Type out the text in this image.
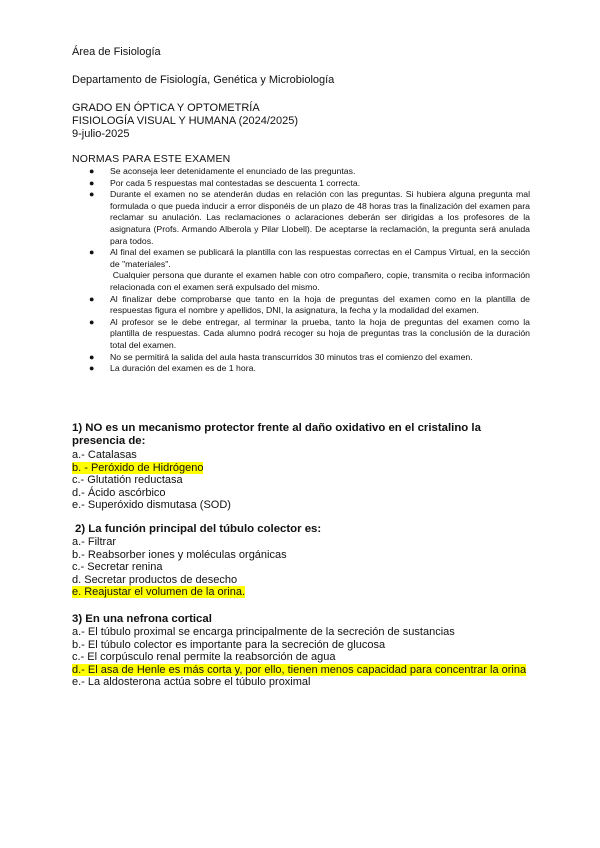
Área de Fisiología
Departamento de Fisiología, Genética y Microbiología
GRADO EN ÓPTICA Y OPTOMETRÍA
FISIOLOGÍA VISUAL Y HUMANA (2024/2025)
9-julio-2025
NORMAS PARA ESTE EXAMEN
● Se aconseja leer detenidamente el enunciado de las preguntas.
● Por cada 5 respuestas mal contestadas se descuenta 1 correcta.
● Durante el examen no se atenderán dudas en relación con las preguntas. Si hubiera alguna pregunta mal formulada o que pueda inducir a error disponéis de un plazo de 48 horas tras la finalización del examen para reclamar su anulación. Las reclamaciones o aclaraciones deberán ser dirigidas a los profesores de la asignatura (Profs. Armando Alberola y Pilar Llobell). De aceptarse la reclamación, la pregunta será anulada para todos.
● Al final del examen se publicará la plantilla con las respuestas correctas en el Campus Virtual, en la sección de "materiales".
Cualquier persona que durante el examen hable con otro compañero, copie, transmita o reciba información relacionada con el examen será expulsado del mismo.
● Al finalizar debe comprobarse que tanto en la hoja de preguntas del examen como en la plantilla de respuestas figura el nombre y apellidos, DNI, la asignatura, la fecha y la modalidad del examen.
● Al profesor se le debe entregar, al terminar la prueba, tanto la hoja de preguntas del examen como la plantilla de respuestas. Cada alumno podrá recoger su hoja de preguntas tras la conclusión de la duración total del examen.
● No se permitirá la salida del aula hasta transcurridos 30 minutos tras el comienzo del examen.
● La duración del examen es de 1 hora.
1) NO es un mecanismo protector frente al daño oxidativo en el cristalino la presencia de:
a.- Catalasas
b. - Peróxido de Hidrógeno
c.- Glutatión reductasa
d.- Ácido ascórbico
e.- Superóxido dismutasa (SOD)
2) La función principal del túbulo colector es:
a.- Filtrar
b.- Reabsorber iones y moléculas orgánicas
c.- Secretar renina
d. Secretar productos de desecho
e. Reajustar el volumen de la orina.
3) En una nefrona cortical
a.- El túbulo proximal se encarga principalmente de la secreción de sustancias
b.- El túbulo colector es importante para la secreción de glucosa
c.- El corpúsculo renal permite la reabsorción de agua
d.- El asa de Henle es más corta y, por ello, tienen menos capacidad para concentrar la orina
e.- La aldosterona actúa sobre el túbulo proximal
